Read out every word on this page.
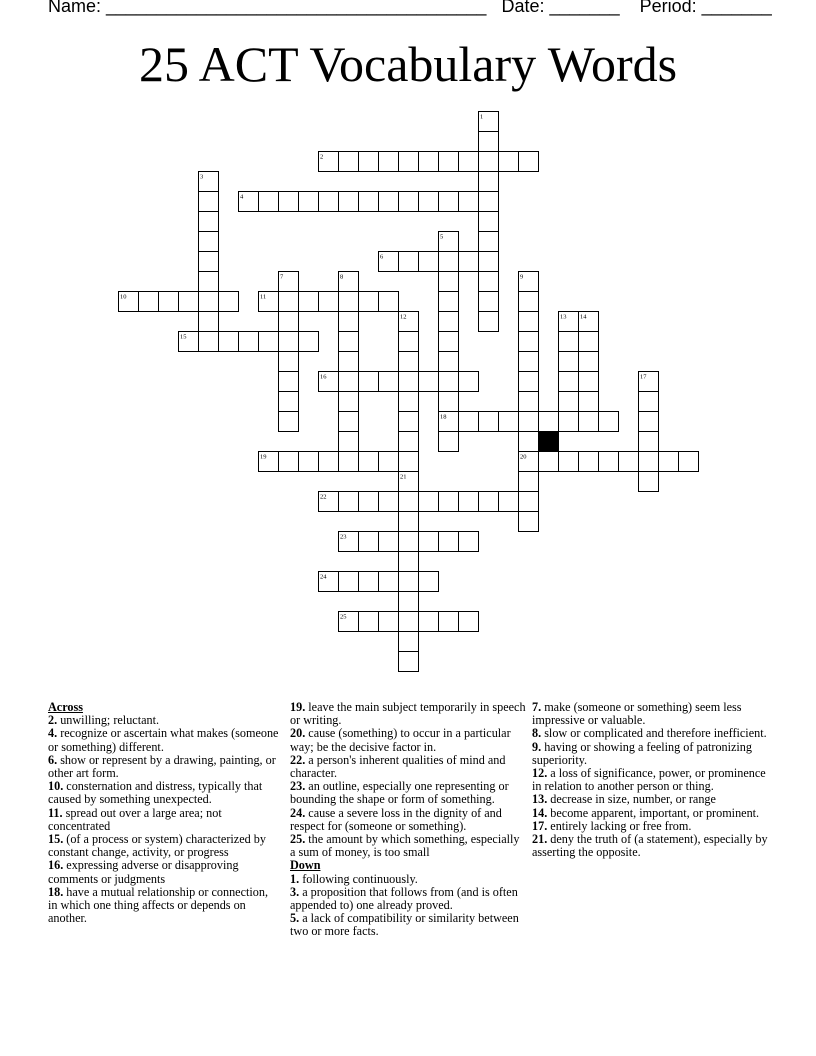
Name: ______________________________________ Date: _______ Period: _______
25 ACT Vocabulary Words
1
2
3
4
5
6
7	8	9
10	11
12	13 14
15
16	17
18
19	20
21
22
23
24
25
Across
2. unwilling; reluctant.
4. recognize or ascertain what makes (someone or something) different.
6. show or represent by a drawing, painting, or other art form.
10. consternation and distress, typically that caused by something unexpected.
11. spread out over a large area; not concentrated
15. (of a process or system) characterized by constant change, activity, or progress
16. expressing adverse or disapproving comments or judgments
18. have a mutual relationship or connection, in which one thing affects or depends on another.
19. leave the main subject temporarily in speech or writing.
20. cause (something) to occur in a particular way; be the decisive factor in.
22. a person's inherent qualities of mind and character.
23. an outline, especially one representing or bounding the shape or form of something.
24. cause a severe loss in the dignity of and respect for (someone or something).
25. the amount by which something, especially a sum of money, is too small
Down
1. following continuously.
3. a proposition that follows from (and is often appended to) one already proved.
5. a lack of compatibility or similarity between two or more facts.
7. make (someone or something) seem less impressive or valuable.
8. slow or complicated and therefore inefficient.
9. having or showing a feeling of patronizing superiority.
12. a loss of significance, power, or prominence in relation to another person or thing.
13. decrease in size, number, or range
14. become apparent, important, or prominent.
17. entirely lacking or free from.
21. deny the truth of (a statement), especially by asserting the opposite.
